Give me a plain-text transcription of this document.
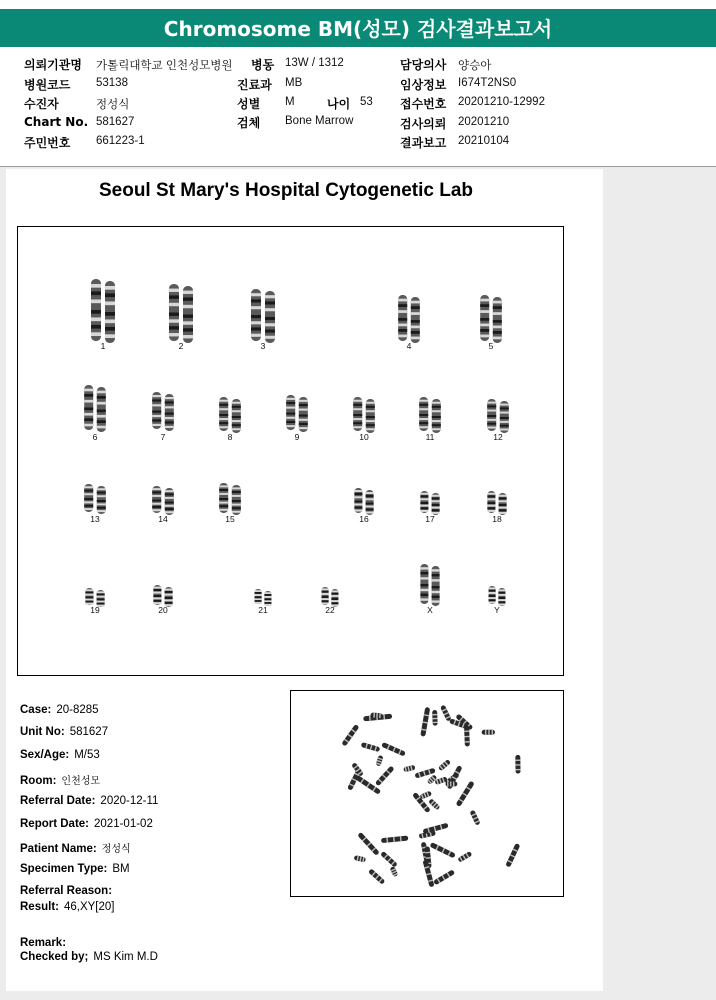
Chromosome BM(성모) 검사결과보고서
의뢰기관명 가톨릭대학교 인천성모병원 병동 13W / 1312	담당의사 양승아
병원코드 53138	진료과 MB	임상정보 I674T2NS0
수진자	정성식	성별 M	나이 53 접수번호 20201210-12992
Chart No. 581627	검체 Bone Marrow	검사의뢰 20201210
주민번호 661223-1	결과보고 20210104
Seoul St Mary's Hospital Cytogenetic Lab
1	2	3	4	5
6	7	8	9	10	11	12
13	14	15	16	17	18
19	20	21	22	X	Y
Case: 20-8285
Unit No: 581627
Sex/Age: M/53
Room: 인천성모
Referral Date: 2020-12-11
Report Date: 2021-01-02
Patient Name: 정성식
Specimen Type: BM
Referral Reason:
Result: 46,XY[20]
Remark:
Checked by; MS Kim M.D
